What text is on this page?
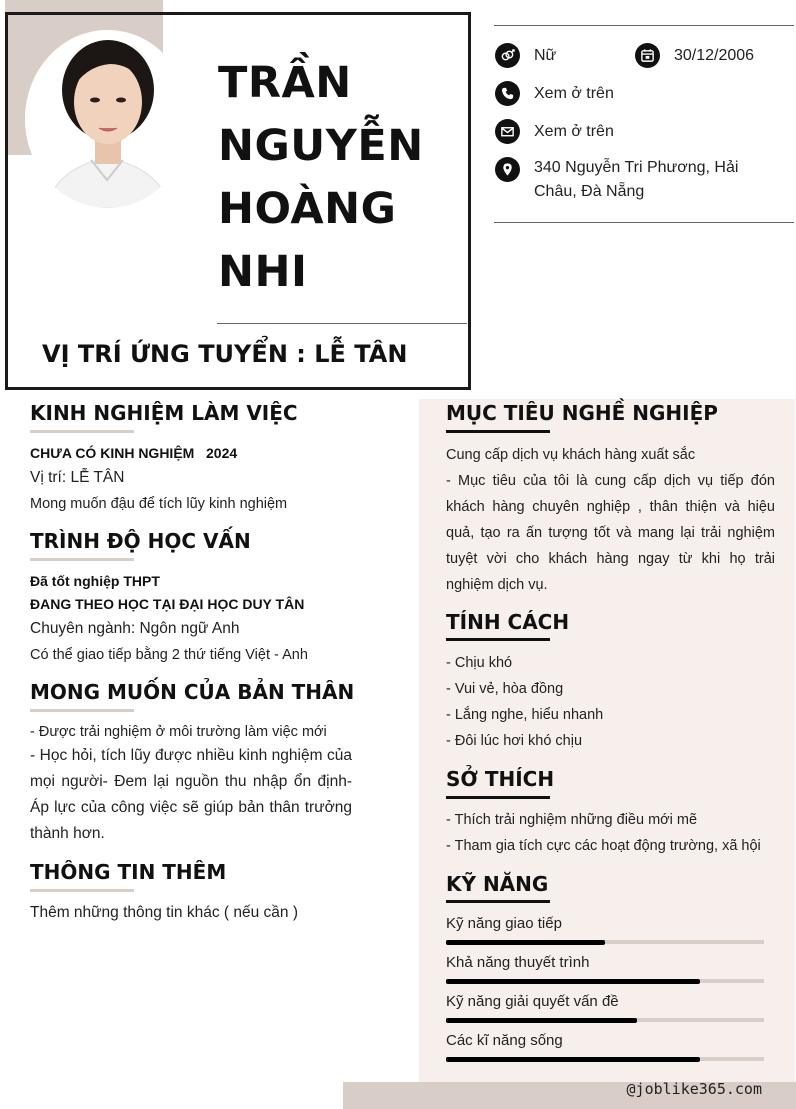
TRẦN
NGUYỄN
HOÀNG
NHI
VỊ TRÍ ỨNG TUYỂN : LỄ TÂN
Nữ	30/12/2006
Xem ở trên
Xem ở trên
340 Nguyễn Tri Phương, Hải
Châu, Đà Nẵng
@joblike365.com
KINH NGHIỆM LÀM VIỆC
CHƯA CÓ KINH NGHIỆM 2024
Vị trí: LỄ TÂN
Mong muốn đậu để tích lũy kinh nghiệm
TRÌNH ĐỘ HỌC VẤN
Đã tốt nghiệp THPT
ĐANG THEO HỌC TẠI ĐẠI HỌC DUY TÂN
Chuyên ngành: Ngôn ngữ Anh
Có thể giao tiếp bằng 2 thứ tiếng Việt - Anh
MONG MUỐN CỦA BẢN THÂN
- Được trải nghiệm ở môi trường làm việc mới
- Học hỏi, tích lũy được nhiều kinh nghiệm của mọi người- Đem lại nguồn thu nhập ổn định- Áp lực của công việc sẽ giúp bản thân trưởng thành hơn.
THÔNG TIN THÊM
Thêm những thông tin khác ( nếu cần )
MỤC TIÊU NGHỀ NGHIỆP
Cung cấp dịch vụ khách hàng xuất sắc
- Mục tiêu của tôi là cung cấp dịch vụ tiếp đón khách hàng chuyên nghiệp , thân thiện và hiệu quả, tạo ra ấn tượng tốt và mang lại trải nghiệm tuyệt vời cho khách hàng ngay từ khi họ trải nghiệm dịch vụ.
TÍNH CÁCH
- Chịu khó
- Vui vẻ, hòa đồng
- Lắng nghe, hiểu nhanh
- Đôi lúc hơi khó chịu
SỞ THÍCH
- Thích trải nghiệm những điều mới mẽ
- Tham gia tích cực các hoạt động trường, xã hội
KỸ NĂNG
Kỹ năng giao tiếp
Khả năng thuyết trình
Kỹ năng giải quyết vấn đề
Các kĩ năng sống
